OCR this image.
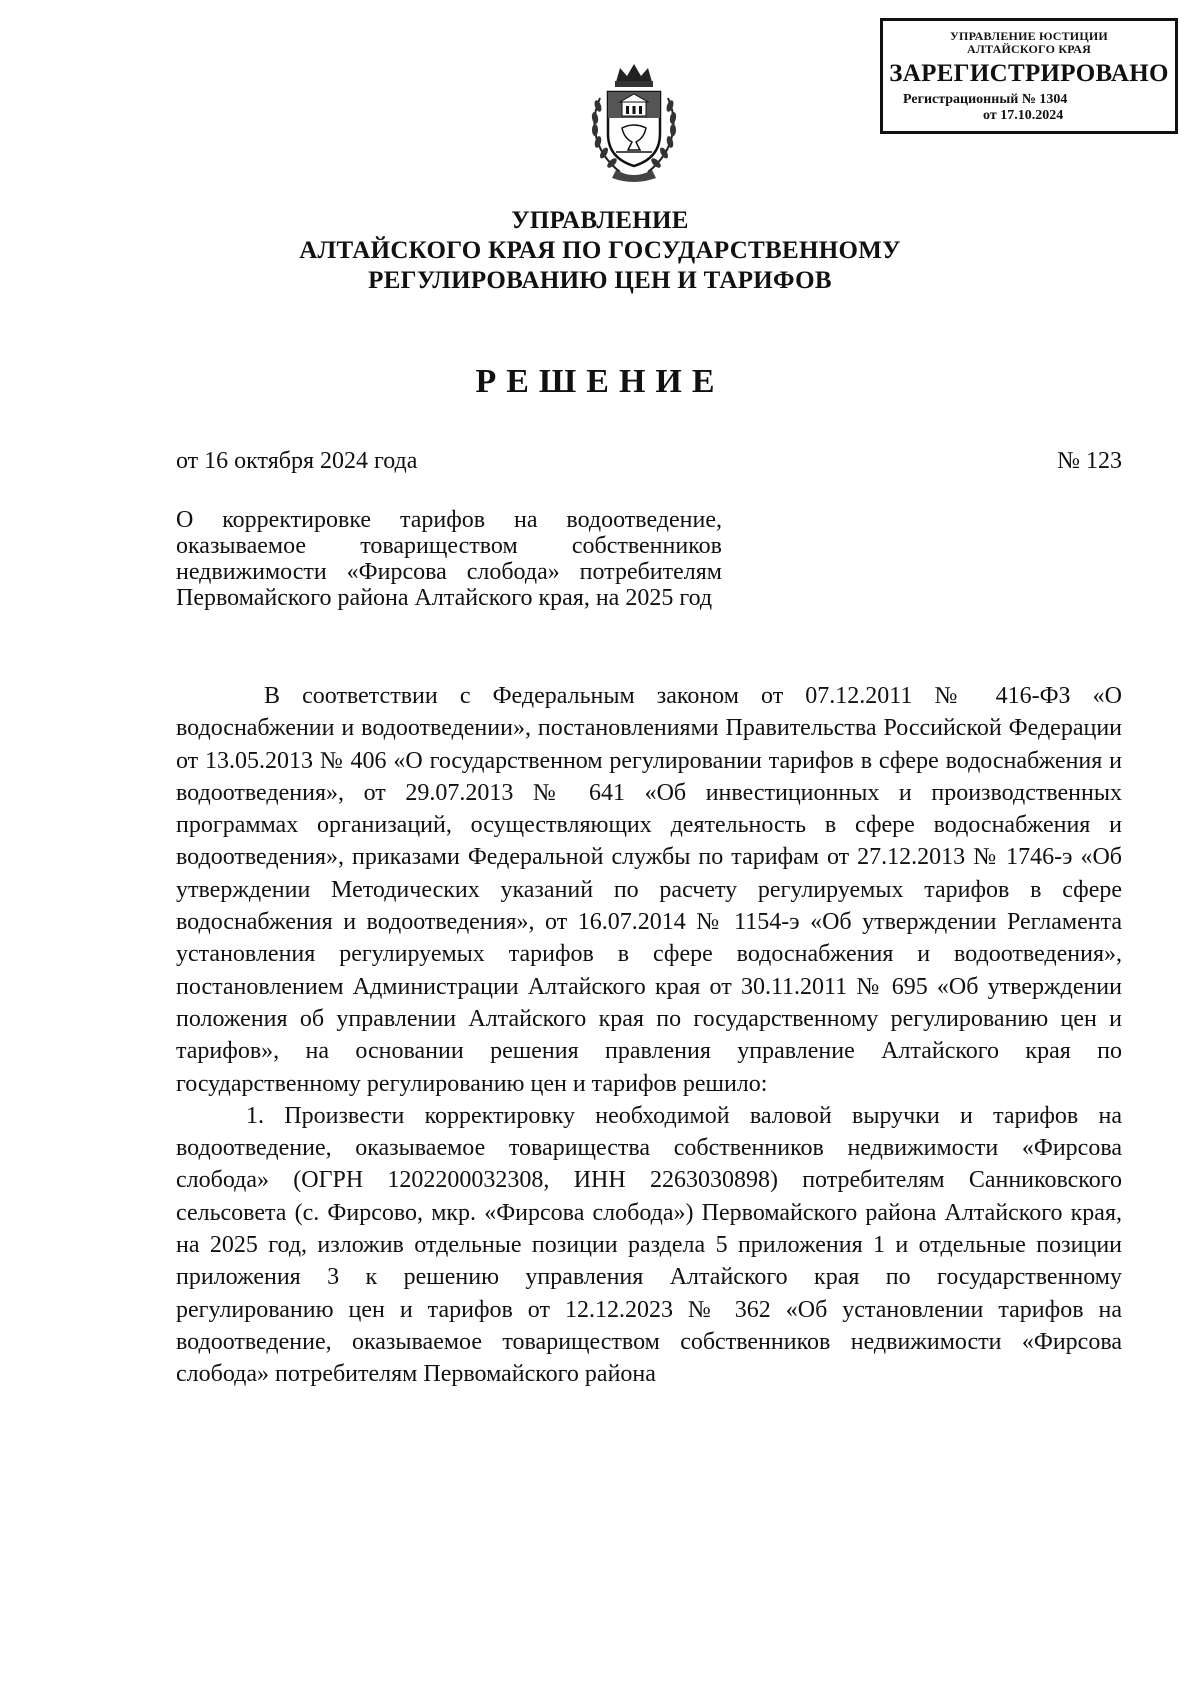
УПРАВЛЕНИЕ ЮСТИЦИИ
АЛТАЙСКОГО КРАЯ
ЗАРЕГИСТРИРОВАНО
Регистрационный № 1304
от 17.10.2024
УПРАВЛЕНИЕ
АЛТАЙСКОГО КРАЯ ПО ГОСУДАРСТВЕННОМУ
РЕГУЛИРОВАНИЮ ЦЕН И ТАРИФОВ
РЕШЕНИЕ
от 16 октября 2024 года	№ 123
О корректировке тарифов на водоотведение, оказываемое товариществом собственников недвижимости «Фирсова слобода» потребителям Первомайского района Алтайского края, на 2025 год

В соответствии с Федеральным законом от 07.12.2011 № 416-ФЗ «О водоснабжении и водоотведении», постановлениями Правительства Российской Федерации от 13.05.2013 № 406 «О государственном регулировании тарифов в сфере водоснабжения и водоотведения», от 29.07.2013 № 641 «Об инвестиционных и производственных программах организаций, осуществляющих деятельность в сфере водоснабжения и водоотведения», приказами Федеральной службы по тарифам от 27.12.2013 № 1746-э «Об утверждении Методических указаний по расчету регулируемых тарифов в сфере водоснабжения и водоотведения», от 16.07.2014 № 1154-э «Об утверждении Регламента установления регулируемых тарифов в сфере водоснабжения и водоотведения», постановлением Администрации Алтайского края от 30.11.2011 № 695 «Об утверждении положения об управлении Алтайского края по государственному регулированию цен и тарифов», на основании решения правления управление Алтайского края по государственному регулированию цен и тарифов решило:

1. Произвести корректировку необходимой валовой выручки и тарифов на водоотведение, оказываемое товарищества собственников недвижимости «Фирсова слобода» (ОГРН 1202200032308, ИНН 2263030898) потребителям Санниковского сельсовета (с. Фирсово, мкр. «Фирсова слобода») Первомайского района Алтайского края, на 2025 год, изложив отдельные позиции раздела 5 приложения 1 и отдельные позиции приложения 3 к решению управления Алтайского края по государственному регулированию цен и тарифов от 12.12.2023 № 362 «Об установлении тарифов на водоотведение, оказываемое товариществом собственников недвижимости «Фирсова слобода» потребителям Первомайского района
